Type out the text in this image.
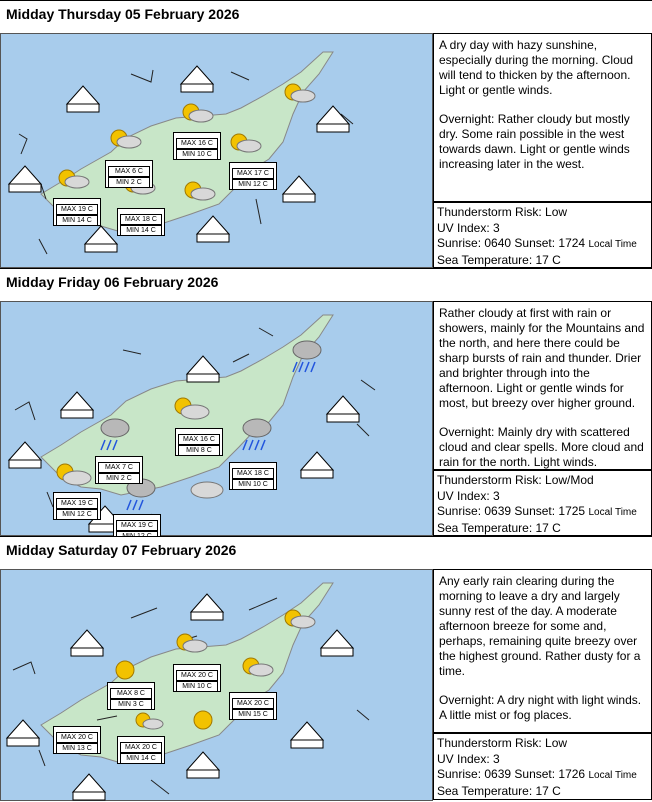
Midday Thursday 05 February 2026
MAX 6 C
MIN 2 C
MAX 16 C
MIN 10 C
MAX 17 C
MIN 12 C
MAX 19 C
MIN 14 C	MAX 18 C
MIN 14 C

A dry day with hazy sunshine, especially during the morning. Cloud will tend to thicken by the afternoon. Light or gentle winds.

Overnight: Rather cloudy but mostly dry. Some rain possible in the west towards dawn. Light or gentle winds increasing later in the west.

Thunderstorm Risk: Low
UV Index: 3
Sunrise: 0640 Sunset: 1724 Local Time
Sea Temperature: 17 C
Midday Friday 06 February 2026
MAX 7 C
MIN 2 C
MAX 16 C
MIN 8 C
MAX 18 C
MIN 10 C
MAX 19 C
MIN 12 C
MAX 19 C

Rather cloudy at first with rain or showers, mainly for the Mountains and the north, and here there could be sharp bursts of rain and thunder. Drier and brighter through into the afternoon. Light or gentle winds for most, but breezy over higher ground.

Overnight: Mainly dry with scattered cloud and clear spells. More cloud and rain for the north. Light winds.

Thunderstorm Risk: Low/Mod
UV Index: 3
Sunrise: 0639 Sunset: 1725 Local Time
Sea Temperature: 17 C
Midday Saturday 07 February 2026
MAX 8 C
MIN 3 C
MAX 20 C
MIN 10 C
MAX 20 C
MIN 15 C
MAX 20 C
MIN 13 C	MAX 20 C
MIN 14 C

Any early rain clearing during the morning to leave a dry and largely sunny rest of the day. A moderate afternoon breeze for some and, perhaps, remaining quite breezy over the highest ground. Rather dusty for a time.

Overnight: A dry night with light winds. A little mist or fog places.

Thunderstorm Risk: Low
UV Index: 3
Sunrise: 0639 Sunset: 1726 Local Time
Sea Temperature: 17 C
